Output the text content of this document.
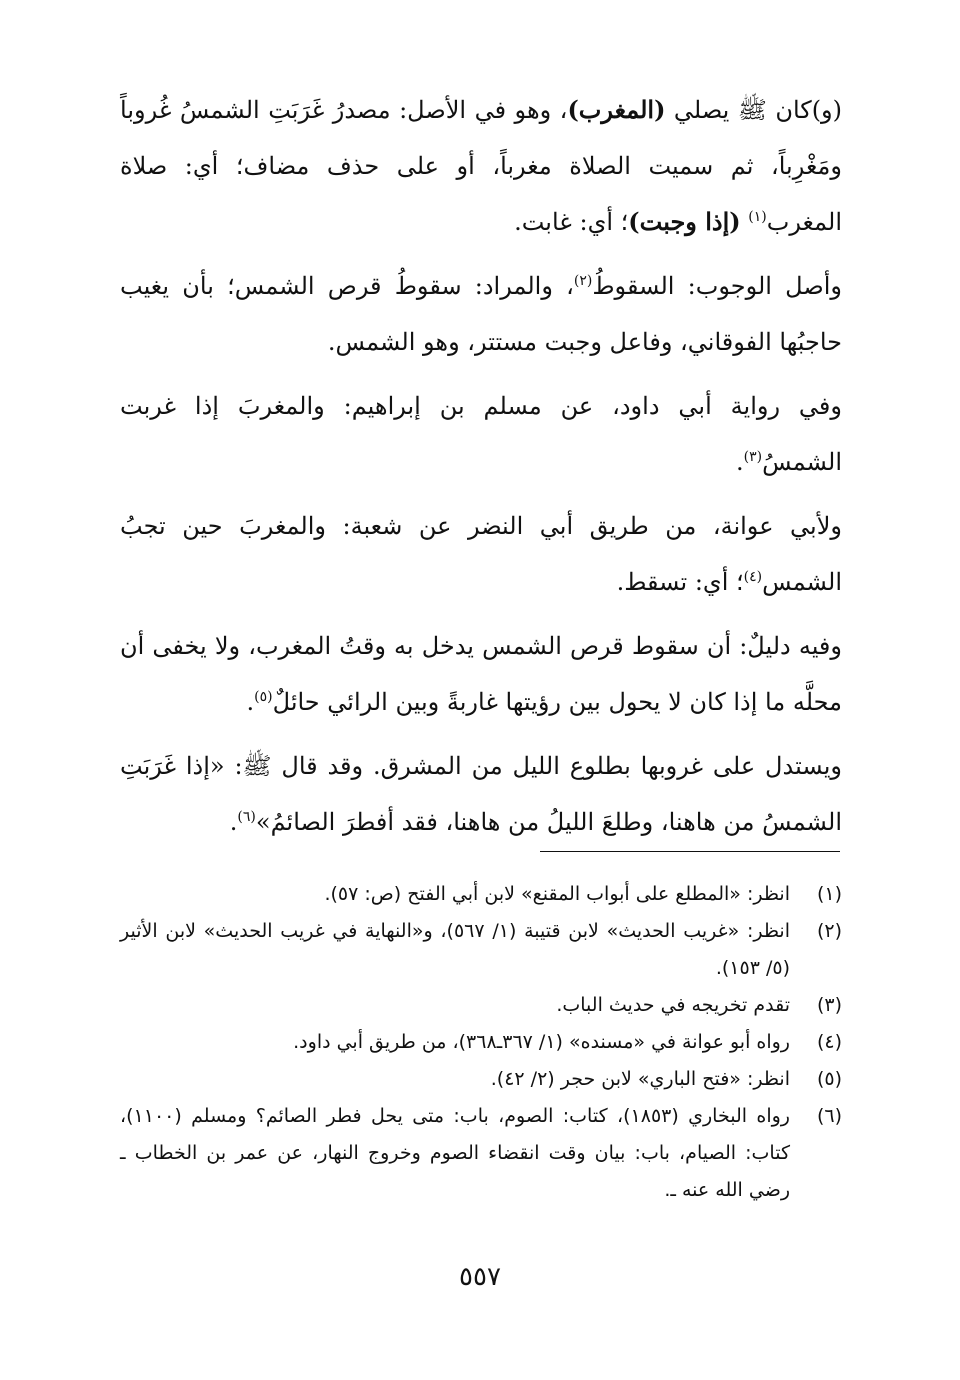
(و)كان ﷺ يصلي (المغرب)، وهو في الأصل: مصدرُ غَرَبَتِ الشمسُ غُروباً ومَغْرِباً، ثم سميت الصلاة مغرباً، أو على حذف مضاف؛ أي: صلاة المغرب$^{(١)}$ (إذا وجبت)؛ أي: غابت.

وأصل الوجوب: السقوطُ$^{(٢)}$، والمراد: سقوطُ قرص الشمس؛ بأن يغيب حاجبُها الفوقاني، وفاعل وجبت مستتر، وهو الشمس.

وفي رواية أبي داود، عن مسلم بن إبراهيم: والمغربَ إذا غربت الشمسُ$^{(٣)}$.

ولأبي عوانة، من طريق أبي النضر عن شعبة: والمغربَ حين تجبُ الشمس$^{(٤)}$؛ أي: تسقط.

وفيه دليلٌ: أن سقوط قرص الشمس يدخل به وقتُ المغرب، ولا يخفى أن محلَّه ما إذا كان لا يحول بين رؤيتها غاربةً وبين الرائي حائلٌ$^{(٥)}$.

ويستدل على غروبها بطلوع الليل من المشرق. وقد قال ﷺ: «إذا غَرَبَتِ الشمسُ من هاهنا، وطلعَ الليلُ من هاهنا، فقد أفطرَ الصائمُ»$^{(٦)}$.

(١)
انظر: «المطلع على أبواب المقنع» لابن أبي الفتح (ص: ٥٧).
(٢)
انظر: «غريب الحديث» لابن قتيبة (١/ ٥٦٧)، و«النهاية في غريب الحديث» لابن الأثير (٥/ ١٥٣).
(٣)
تقدم تخريجه في حديث الباب.
(٤)
رواه أبو عوانة في «مسنده» (١/ ٣٦٧ـ٣٦٨)، من طريق أبي داود.
(٥)
انظر: «فتح الباري» لابن حجر (٢/ ٤٢).
(٦)
رواه البخاري (١٨٥٣)، كتاب: الصوم، باب: متى يحل فطر الصائم؟ ومسلم (١١٠٠)، كتاب: الصيام، باب: بيان وقت انقضاء الصوم وخروج النهار، عن عمر بن الخطاب ـ رضي الله عنه ـ.
٥٥٧
